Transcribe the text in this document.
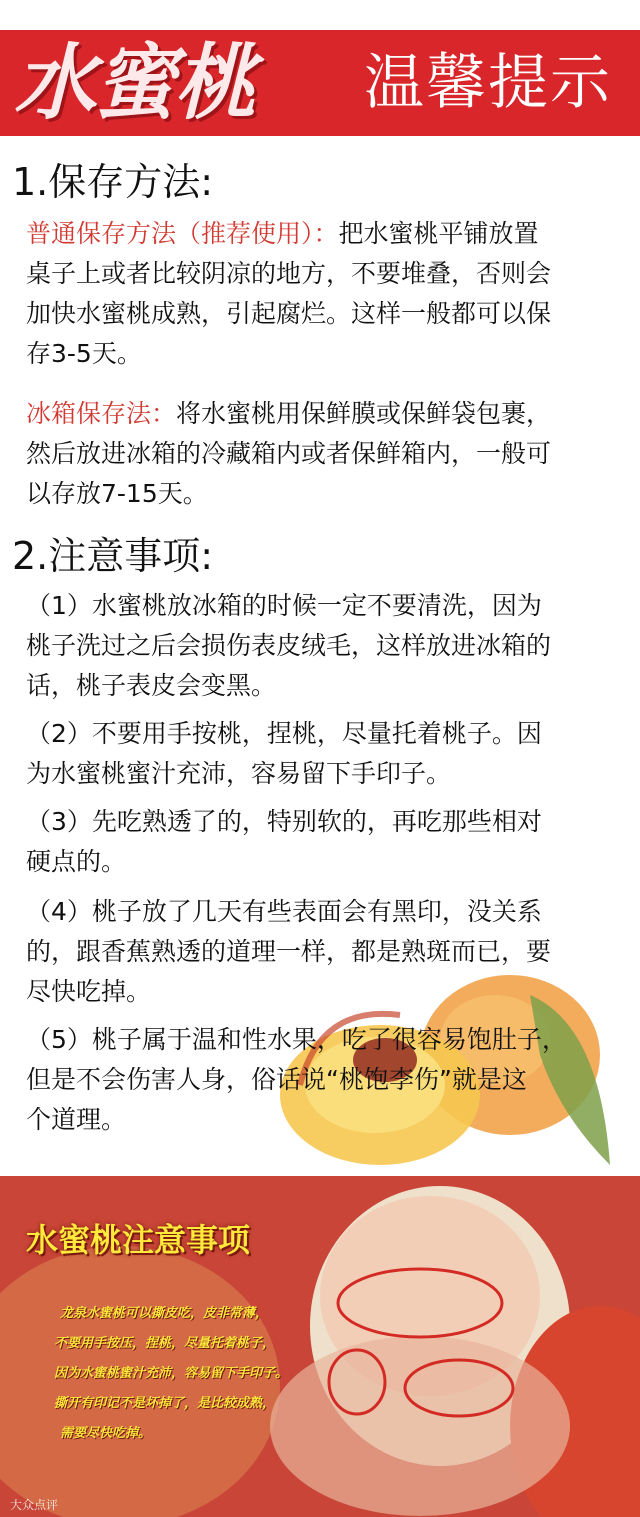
水蜜桃 温馨提示
1.保存方法:
普通保存方法（推荐使用）：把水蜜桃平铺放置
桌子上或者比较阴凉的地方，不要堆叠，否则会
加快水蜜桃成熟，引起腐烂。这样一般都可以保
存3-5天。
冰箱保存法：将水蜜桃用保鲜膜或保鲜袋包裹，
然后放进冰箱的冷藏箱内或者保鲜箱内，一般可
以存放7-15天。
2.注意事项:
（1）水蜜桃放冰箱的时候一定不要清洗，因为
桃子洗过之后会损伤表皮绒毛，这样放进冰箱的
话，桃子表皮会变黑。
（2）不要用手按桃，捏桃，尽量托着桃子。因
为水蜜桃蜜汁充沛，容易留下手印子。
（3）先吃熟透了的，特别软的，再吃那些相对
硬点的。
（4）桃子放了几天有些表面会有黑印，没关系
的，跟香蕉熟透的道理一样，都是熟斑而已，要
尽快吃掉。
（5）桃子属于温和性水果，吃了很容易饱肚子，
但是不会伤害人身，俗话说“桃饱李伤”就是这
个道理。
水蜜桃注意事项
龙泉水蜜桃可以撕皮吃，皮非常薄，
不要用手按压，捏桃，尽量托着桃子，
因为水蜜桃蜜汁充沛，容易留下手印子。
撕开有印记不是坏掉了，是比较成熟，
需要尽快吃掉。
大众点评
